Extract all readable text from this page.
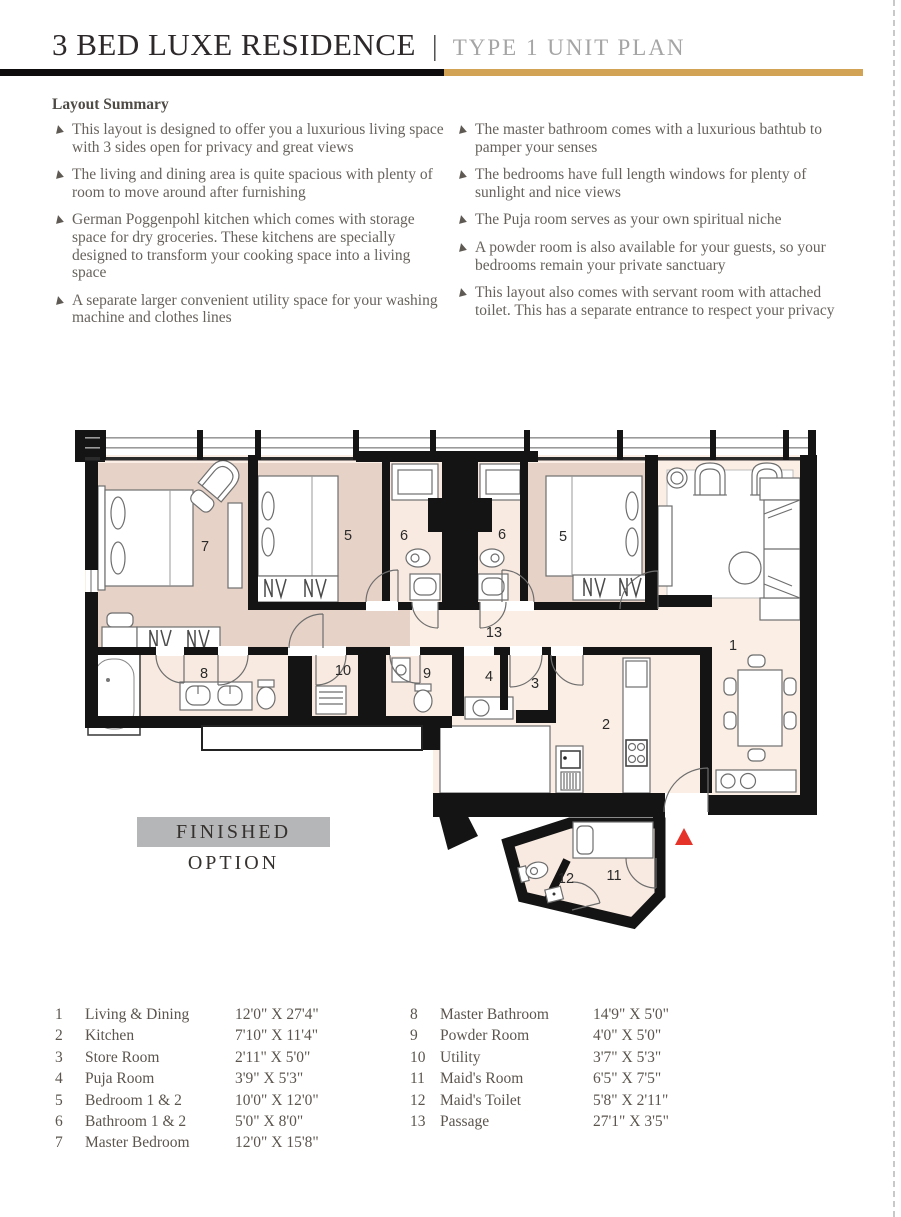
3 BED LUXE RESIDENCE | TYPE 1 UNIT PLAN
Layout Summary
This layout is designed to offer you a luxurious living space with 3 sides open for privacy and great views
The living and dining area is quite spacious with plenty of room to move around after furnishing
German Poggenpohl kitchen which comes with storage space for dry groceries. These kitchens are specially designed to transform your cooking space into a living space
A separate larger convenient utility space for your washing machine and clothes lines
The master bathroom comes with a luxurious bathtub to pamper your senses
The bedrooms have full length windows for plenty of sunlight and nice views
The Puja room serves as your own spiritual niche
A powder room is also available for your guests, so your bedrooms remain your private sanctuary
This layout also comes with servant room with attached toilet. This has a separate entrance to respect your privacy
7
5	6	6	5
1
13
8	10	9	4	3
2
12 11
FINISHED OPTION
1	Living & Dining	12'0" X 27'4"
2	Kitchen	7'10" X 11'4"
3	Store Room	2'11" X 5'0"
4	Puja Room	3'9" X 5'3"
5	Bedroom 1 & 2	10'0" X 12'0"
6	Bathroom 1 & 2	5'0" X 8'0"
7	Master Bedroom	12'0" X 15'8"
8	Master Bathroom	14'9" X 5'0"
9	Powder Room	4'0" X 5'0"
10 Utility	3'7" X 5'3"
11 Maid's Room	6'5" X 7'5"
12 Maid's Toilet	5'8" X 2'11"
13 Passage	27'1" X 3'5"
